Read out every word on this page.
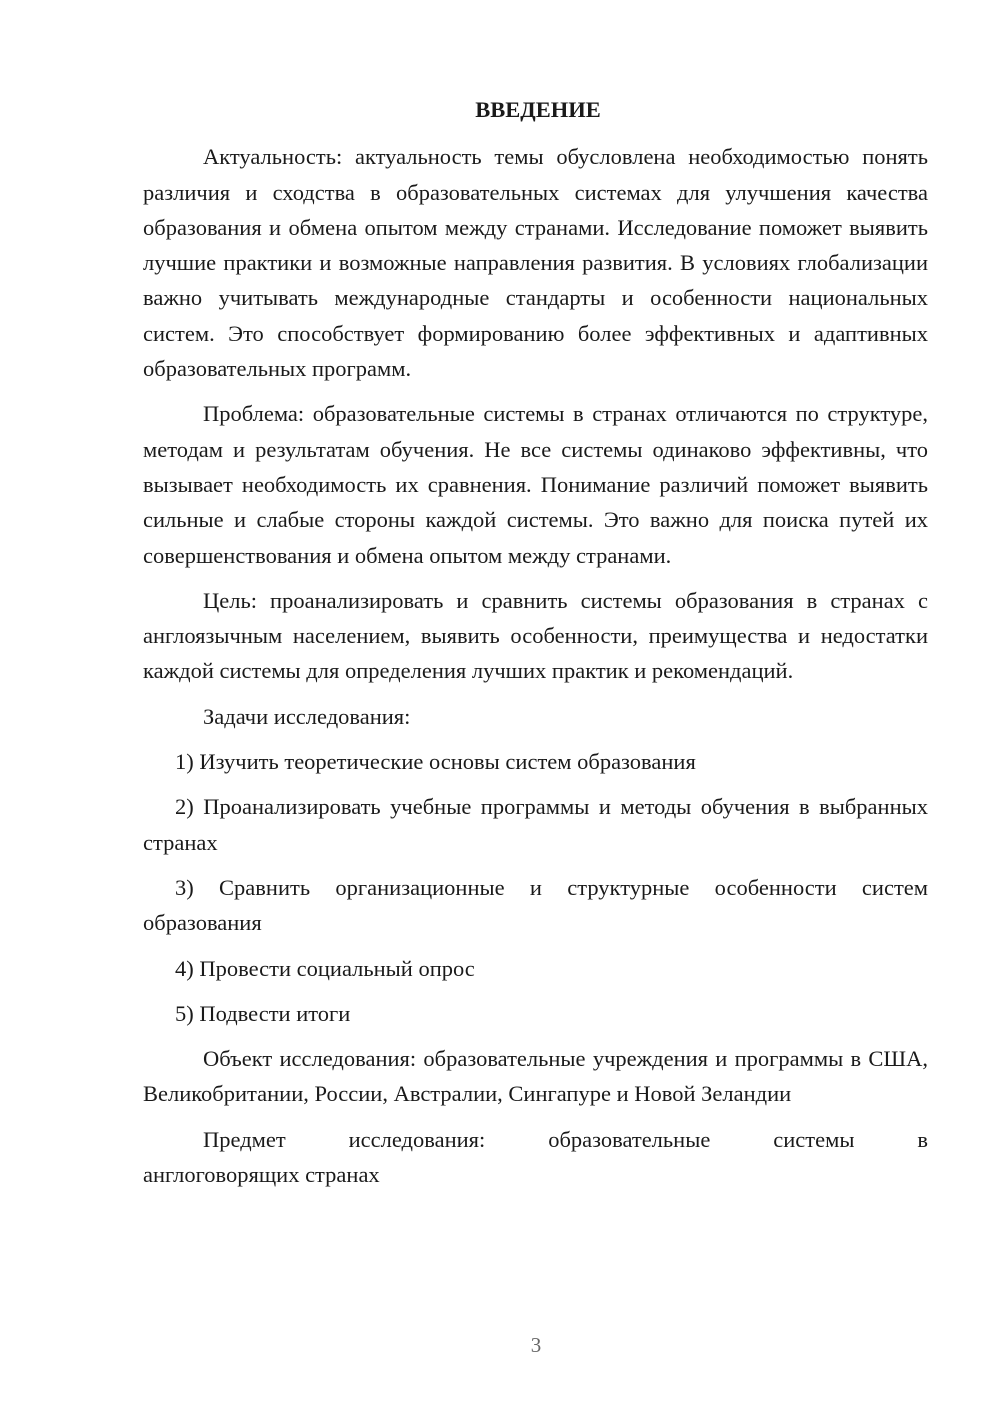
ВВЕДЕНИЕ

Актуальность: актуальность темы обусловлена необходимостью понять различия и сходства в образовательных системах для улучшения качества образования и обмена опытом между странами. Исследование поможет выявить лучшие практики и возможные направления развития. В условиях глобализации важно учитывать международные стандарты и особенности национальных систем. Это способствует формированию более эффективных и адаптивных образовательных программ.

Проблема: образовательные системы в странах отличаются по структуре, методам и результатам обучения. Не все системы одинаково эффективны, что вызывает необходимость их сравнения. Понимание различий поможет выявить сильные и слабые стороны каждой системы. Это важно для поиска путей их совершенствования и обмена опытом между странами.

Цель: проанализировать и сравнить системы образования в странах с англоязычным населением, выявить особенности, преимущества и недостатки каждой системы для определения лучших практик и рекомендаций.

Задачи исследования:

1) Изучить теоретические основы систем образования

2) Проанализировать учебные программы и методы обучения в выбранных странах

3) Сравнить организационные и структурные особенности систем образования

4) Провести социальный опрос

5) Подвести итоги

Объект исследования: образовательные учреждения и программы в США, Великобритании, России, Австралии, Сингапуре и Новой Зеландии

Предмет	исследования:	образовательные	системы	в

англоговорящих странах

3
